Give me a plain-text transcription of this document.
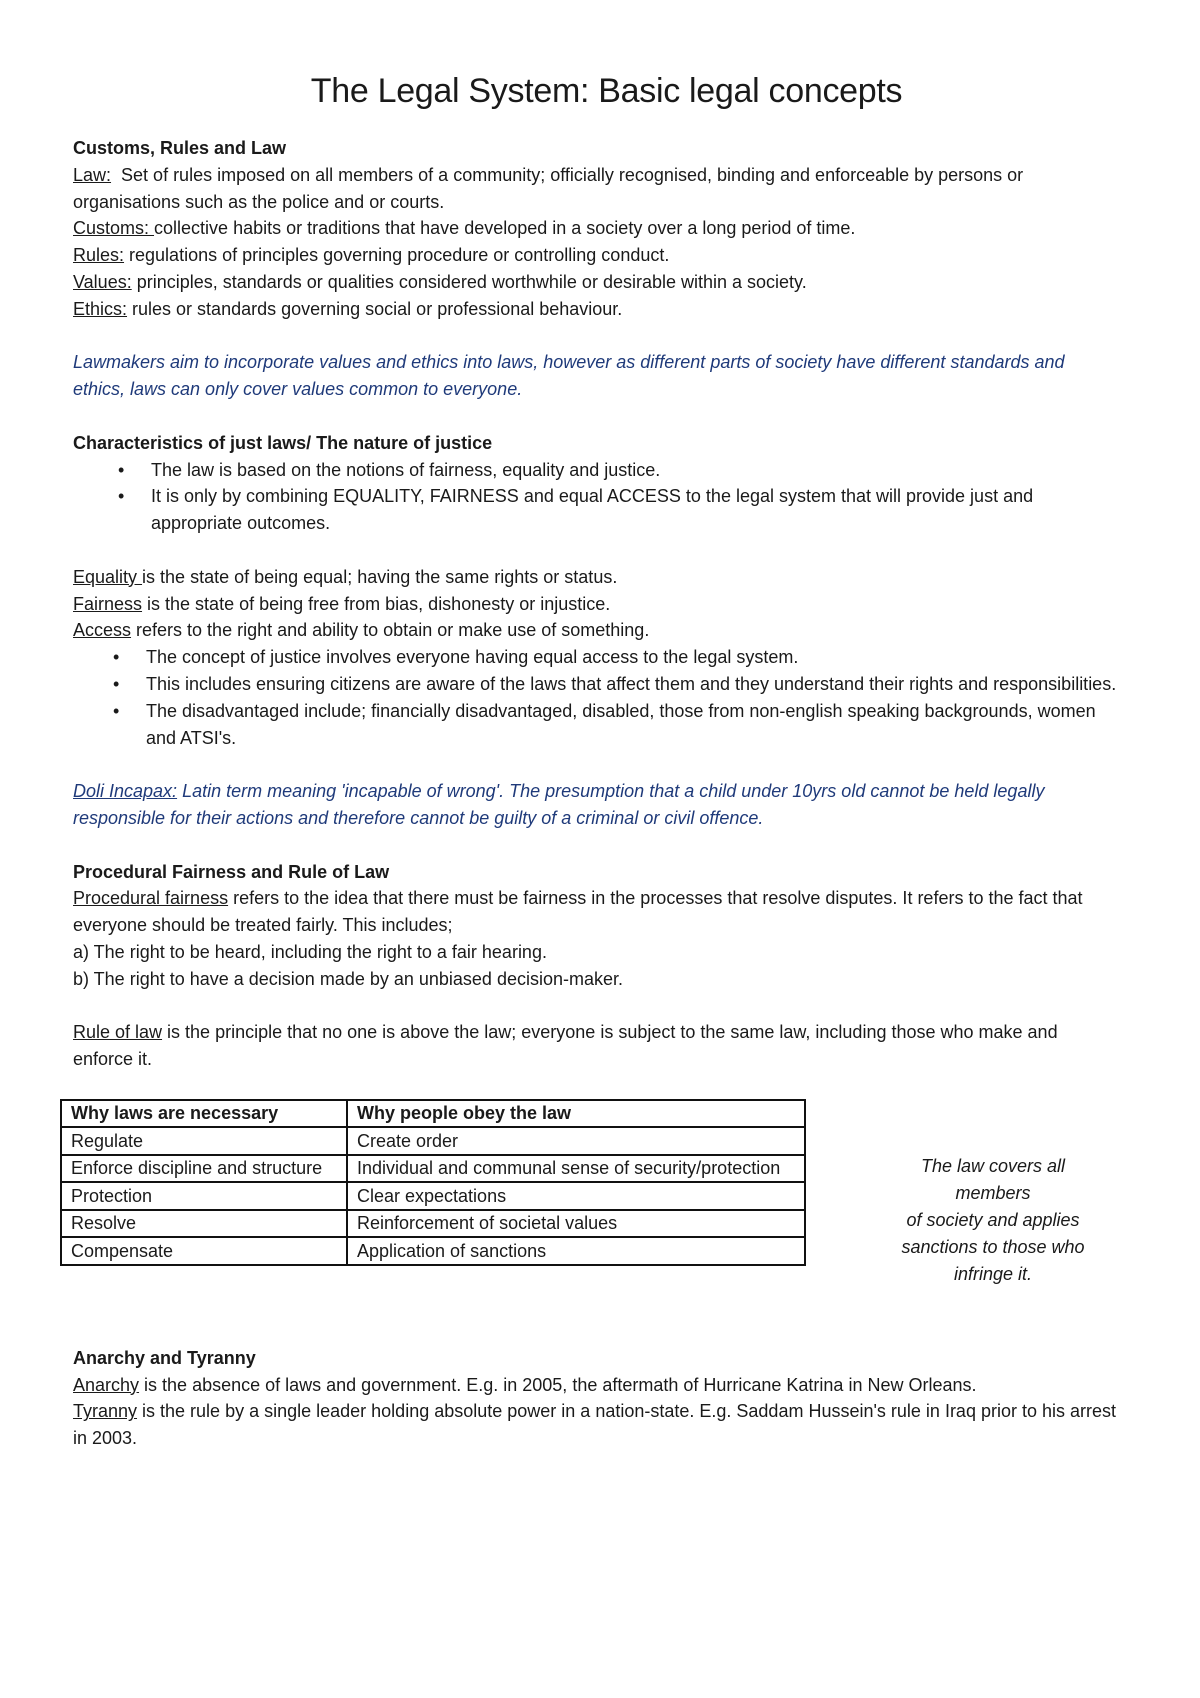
The Legal System: Basic legal concepts

Customs, Rules and Law

Law:  Set of rules imposed on all members of a community; officially recognised, binding and enforceable by persons or

organisations such as the police and or courts.

Customs: collective habits or traditions that have developed in a society over a long period of time.

Rules: regulations of principles governing procedure or controlling conduct.

Values: principles, standards or qualities considered worthwhile or desirable within a society.

Ethics: rules or standards governing social or professional behaviour.

Lawmakers aim to incorporate values and ethics into laws, however as different parts of society have different standards and

ethics, laws can only cover values common to everyone.

Characteristics of just laws/ The nature of justice

• The law is based on the notions of fairness, equality and justice.
• It is only by combining EQUALITY, FAIRNESS and equal ACCESS to the legal system that will provide just and
appropriate outcomes.

Equality is the state of being equal; having the same rights or status.

Fairness is the state of being free from bias, dishonesty or injustice.

Access refers to the right and ability to obtain or make use of something.

• The concept of justice involves everyone having equal access to the legal system.
• This includes ensuring citizens are aware of the laws that affect them and they understand their rights and responsibilities.
• The disadvantaged include; financially disadvantaged, disabled, those from non-english speaking backgrounds, women
and ATSI's.

Doli Incapax: Latin term meaning 'incapable of wrong'. The presumption that a child under 10yrs old cannot be held legally

responsible for their actions and therefore cannot be guilty of a criminal or civil offence.

Procedural Fairness and Rule of Law

Procedural fairness refers to the idea that there must be fairness in the processes that resolve disputes. It refers to the fact that

everyone should be treated fairly. This includes;

a) The right to be heard, including the right to a fair hearing.

b) The right to have a decision made by an unbiased decision-maker.

Rule of law is the principle that no one is above the law; everyone is subject to the same law, including those who make and

enforce it.

Why laws are necessary	Why people obey the law
Regulate	Create order
Enforce discipline and structure	Individual and communal sense of security/protection
Protection	Clear expectations
Resolve	Reinforcement of societal values
Compensate	Application of sanctions
The law covers all members
of society and applies
sanctions to those who
infringe it.

Anarchy and Tyranny

Anarchy is the absence of laws and government. E.g. in 2005, the aftermath of Hurricane Katrina in New Orleans.

Tyranny is the rule by a single leader holding absolute power in a nation-state. E.g. Saddam Hussein's rule in Iraq prior to his arrest

in 2003.
